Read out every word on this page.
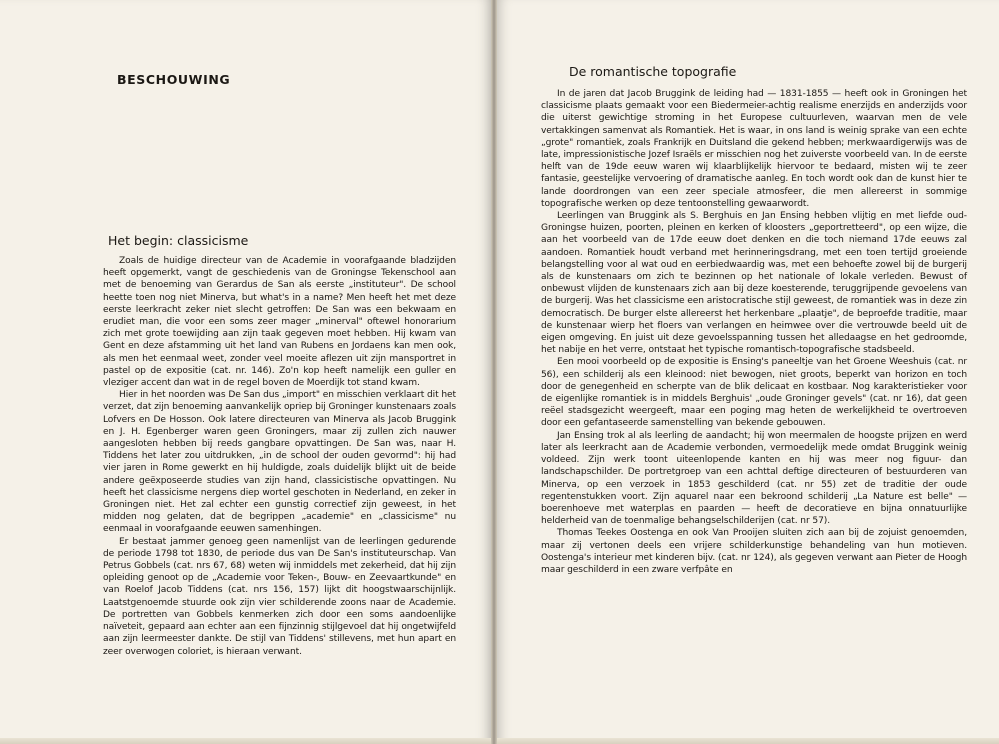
BESCHOUWING
Het begin: classicisme

Zoals de huidige directeur van de Academie in voorafgaande bladzijden heeft opgemerkt, vangt de geschiedenis van de Groningse Tekenschool aan met de benoeming van Gerardus de San als eerste „instituteur". De school heette toen nog niet Minerva, but what's in a name? Men heeft het met deze eerste leerkracht zeker niet slecht getroffen: De San was een bekwaam en erudiet man, die voor een soms zeer mager „minerval" oftewel honorarium zich met grote toewijding aan zijn taak gegeven moet hebben. Hij kwam van Gent en deze afstamming uit het land van Rubens en Jordaens kan men ook, als men het eenmaal weet, zonder veel moeite aflezen uit zijn mansportret in pastel op de expositie (cat. nr. 146). Zo'n kop heeft namelijk een guller en vleziger accent dan wat in de regel boven de Moerdijk tot stand kwam.

Hier in het noorden was De San dus „import" en misschien verklaart dit het verzet, dat zijn benoeming aanvankelijk opriep bij Groninger kunstenaars zoals Lofvers en De Hosson. Ook latere directeuren van Minerva als Jacob Bruggink en J. H. Egenberger waren geen Groningers, maar zij zullen zich nauwer aangesloten hebben bij reeds gangbare opvattingen. De San was, naar H. Tiddens het later zou uitdrukken, „in de school der ouden gevormd": hij had vier jaren in Rome gewerkt en hij huldigde, zoals duidelijk blijkt uit de beide andere geëxposeerde studies van zijn hand, classicistische opvattingen. Nu heeft het classicisme nergens diep wortel geschoten in Nederland, en zeker in Groningen niet. Het zal echter een gunstig correctief zijn geweest, in het midden nog gelaten, dat de begrippen „academie" en „classicisme" nu eenmaal in voorafgaande eeuwen samenhingen.

Er bestaat jammer genoeg geen namenlijst van de leerlingen gedurende de periode 1798 tot 1830, de periode dus van De San's instituteurschap. Van Petrus Gobbels (cat. nrs 67, 68) weten wij inmiddels met zekerheid, dat hij zijn opleiding genoot op de „Academie voor Teken-, Bouw- en Zeevaartkunde" en van Roelof Jacob Tiddens (cat. nrs 156, 157) lijkt dit hoogstwaarschijnlijk. Laatstgenoemde stuurde ook zijn vier schilderende zoons naar de Academie. De portretten van Gobbels kenmerken zich door een soms aandoenlijke naïveteit, gepaard aan echter aan een fijnzinnig stijlgevoel dat hij ongetwijfeld aan zijn leermeester dankte. De stijl van Tiddens' stillevens, met hun apart en zeer overwogen coloriet, is hieraan verwant.

De romantische topografie

In de jaren dat Jacob Bruggink de leiding had — 1831-1855 — heeft ook in Groningen het classicisme plaats gemaakt voor een Biedermeier-achtig realisme enerzijds en anderzijds voor die uiterst gewichtige stroming in het Europese cultuurleven, waarvan men de vele vertakkingen samenvat als Romantiek. Het is waar, in ons land is weinig sprake van een echte „grote" romantiek, zoals Frankrijk en Duitsland die gekend hebben; merkwaardigerwijs was de late, impressionistische Jozef Israëls er misschien nog het zuiverste voorbeeld van. In de eerste helft van de 19de eeuw waren wij klaarblijkelijk hiervoor te bedaard, misten wij te zeer fantasie, geestelijke vervoering of dramatische aanleg. En toch wordt ook dan de kunst hier te lande doordrongen van een zeer speciale atmosfeer, die men allereerst in sommige topografische werken op deze tentoonstelling gewaarwordt.

Leerlingen van Bruggink als S. Berghuis en Jan Ensing hebben vlijtig en met liefde oud-Groningse huizen, poorten, pleinen en kerken of kloosters „geportretteerd", op een wijze, die aan het voorbeeld van de 17de eeuw doet denken en die toch niemand 17de eeuws zal aandoen. Romantiek houdt verband met herinneringsdrang, met een toen tertijd groeiende belangstelling voor al wat oud en eerbiedwaardig was, met een behoefte zowel bij de burgerij als de kunstenaars om zich te bezinnen op het nationale of lokale verleden. Bewust of onbewust vlijden de kunstenaars zich aan bij deze koesterende, teruggrijpende gevoelens van de burgerij. Was het classicisme een aristocratische stijl geweest, de romantiek was in deze zin democratisch. De burger elste allereerst het herkenbare „plaatje", de beproefde traditie, maar de kunstenaar wierp het floers van verlangen en heimwee over die vertrouwde beeld uit de eigen omgeving. En juist uit deze gevoelsspanning tussen het alledaagse en het gedroomde, het nabije en het verre, ontstaat het typische romantisch-topografische stadsbeeld.

Een mooi voorbeeld op de expositie is Ensing's paneeltje van het Groene Weeshuis (cat. nr 56), een schilderij als een kleinood: niet bewogen, niet groots, beperkt van horizon en toch door de genegenheid en scherpte van de blik delicaat en kostbaar. Nog karakteristieker voor de eigenlijke romantiek is in middels Berghuis' „oude Groninger gevels" (cat. nr 16), dat geen reëel stadsgezicht weergeeft, maar een poging mag heten de werkelijkheid te overtroeven door een gefantaseerde samenstelling van bekende gebouwen.

Jan Ensing trok al als leerling de aandacht; hij won meermalen de hoogste prijzen en werd later als leerkracht aan de Academie verbonden, vermoedelijk mede omdat Bruggink weinig voldeed. Zijn werk toont uiteenlopende kanten en hij was meer nog figuur- dan landschapschilder. De portretgroep van een achttal deftige directeuren of bestuurderen van Minerva, op een verzoek in 1853 geschilderd (cat. nr 55) zet de traditie der oude regentenstukken voort. Zijn aquarel naar een bekroond schilderij „La Nature est belle" — boerenhoeve met waterplas en paarden — heeft de decoratieve en bijna onnatuurlijke helderheid van de toenmalige behangselschilderijen (cat. nr 57).

Thomas Teekes Oostenga en ook Van Prooijen sluiten zich aan bij de zojuist genoemden, maar zij vertonen deels een vrijere schilderkunstige behandeling van hun motieven. Oostenga's interieur met kinderen bijv. (cat. nr 124), als gegeven verwant aan Pieter de Hoogh maar geschilderd in een zware verfpâte en
